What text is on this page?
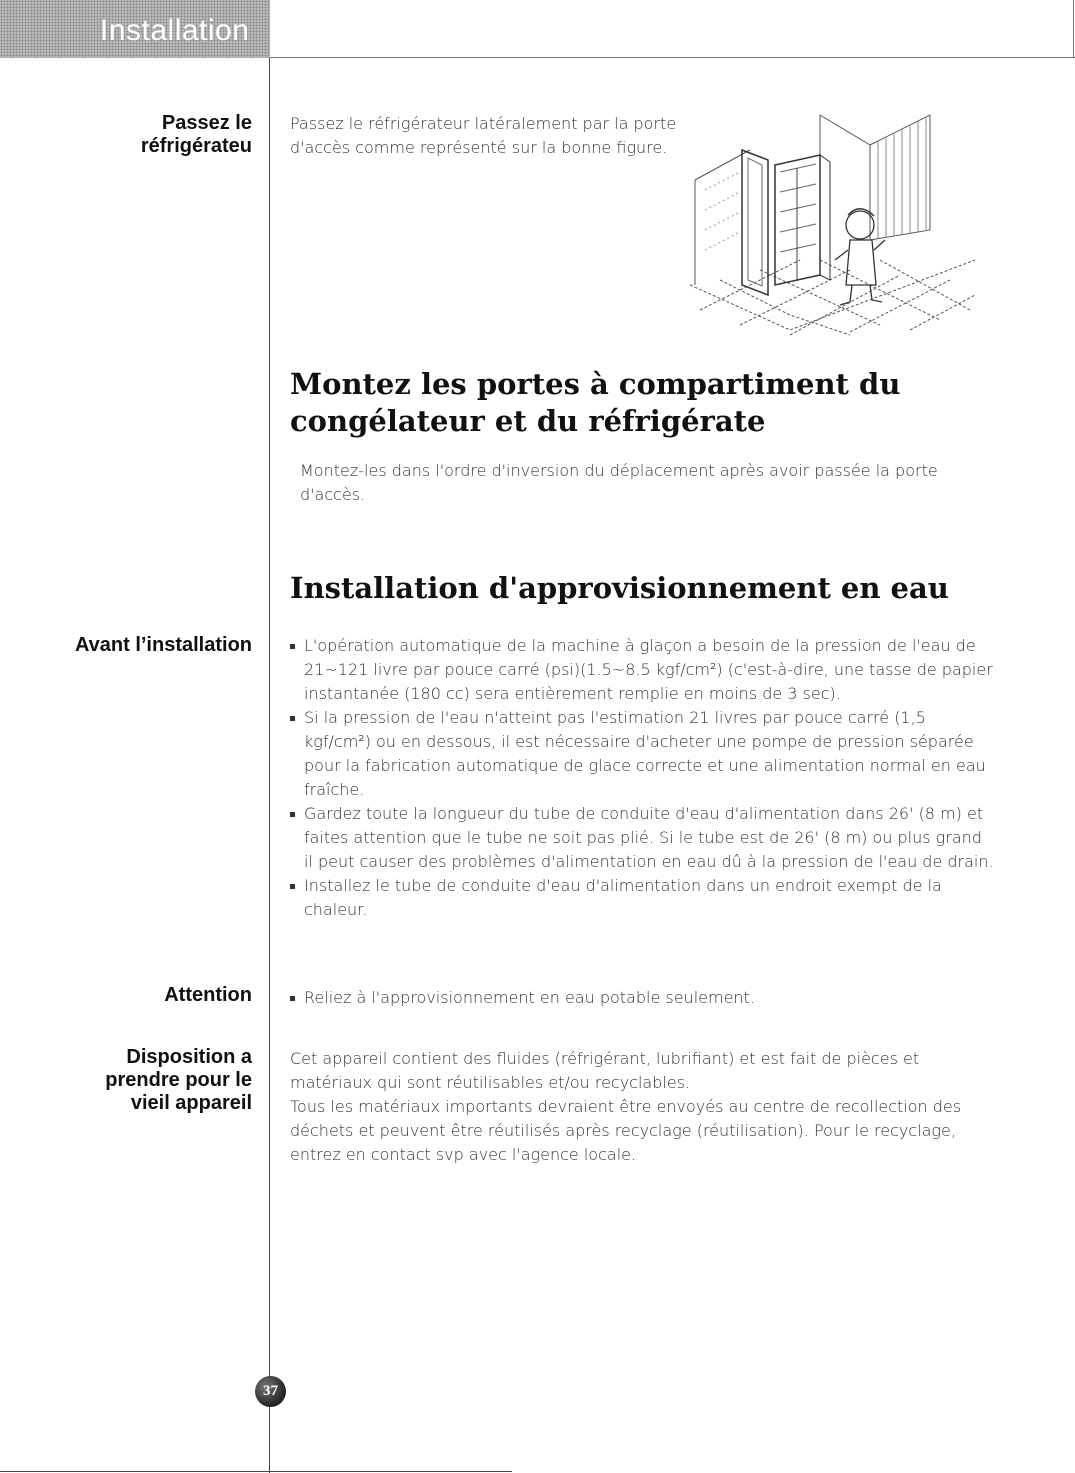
Installation
Passez le
réfrigérateu
Passez le réfrigérateur latéralement par la porte
d'accès comme représenté sur la bonne figure.
Montez les portes à compartiment du
congélateur et du réfrigérate
Montez-les dans l'ordre d'inversion du déplacement après avoir passée la porte
d'accès.
Installation d'approvisionnement en eau
Avant l’installation	L'opération automatique de la machine à glaçon a besoin de la pression de l'eau de 21~121 livre par pouce carré (psi)(1.5~8.5 kgf/cm²) (c'est-à-dire, une tasse de papier instantanée (180 cc) sera entièrement remplie en moins de 3 sec).
Si la pression de l'eau n'atteint pas l'estimation 21 livres par pouce carré (1,5 kgf/cm²) ou en dessous, il est nécessaire d'acheter une pompe de pression séparée pour la fabrication automatique de glace correcte et une alimentation normal en eau fraîche.
Gardez toute la longueur du tube de conduite d'eau d'alimentation dans 26' (8 m) et faites attention que le tube ne soit pas plié. Si le tube est de 26' (8 m) ou plus grand il peut causer des problèmes d'alimentation en eau dû à la pression de l'eau de drain.
Installez le tube de conduite d'eau d'alimentation dans un endroit exempt de la chaleur.
Attention	Reliez à l'approvisionnement en eau potable seulement.
Disposition a
prendre pour le
vieil appareil

Cet appareil contient des fluides (réfrigérant, lubrifiant) et est fait de pièces et matériaux qui sont réutilisables et/ou recyclables.

Tous les matériaux importants devraient être envoyés au centre de recollection des déchets et peuvent être réutilisés après recyclage (réutilisation). Pour le recyclage, entrez en contact svp avec l'agence locale.

37
